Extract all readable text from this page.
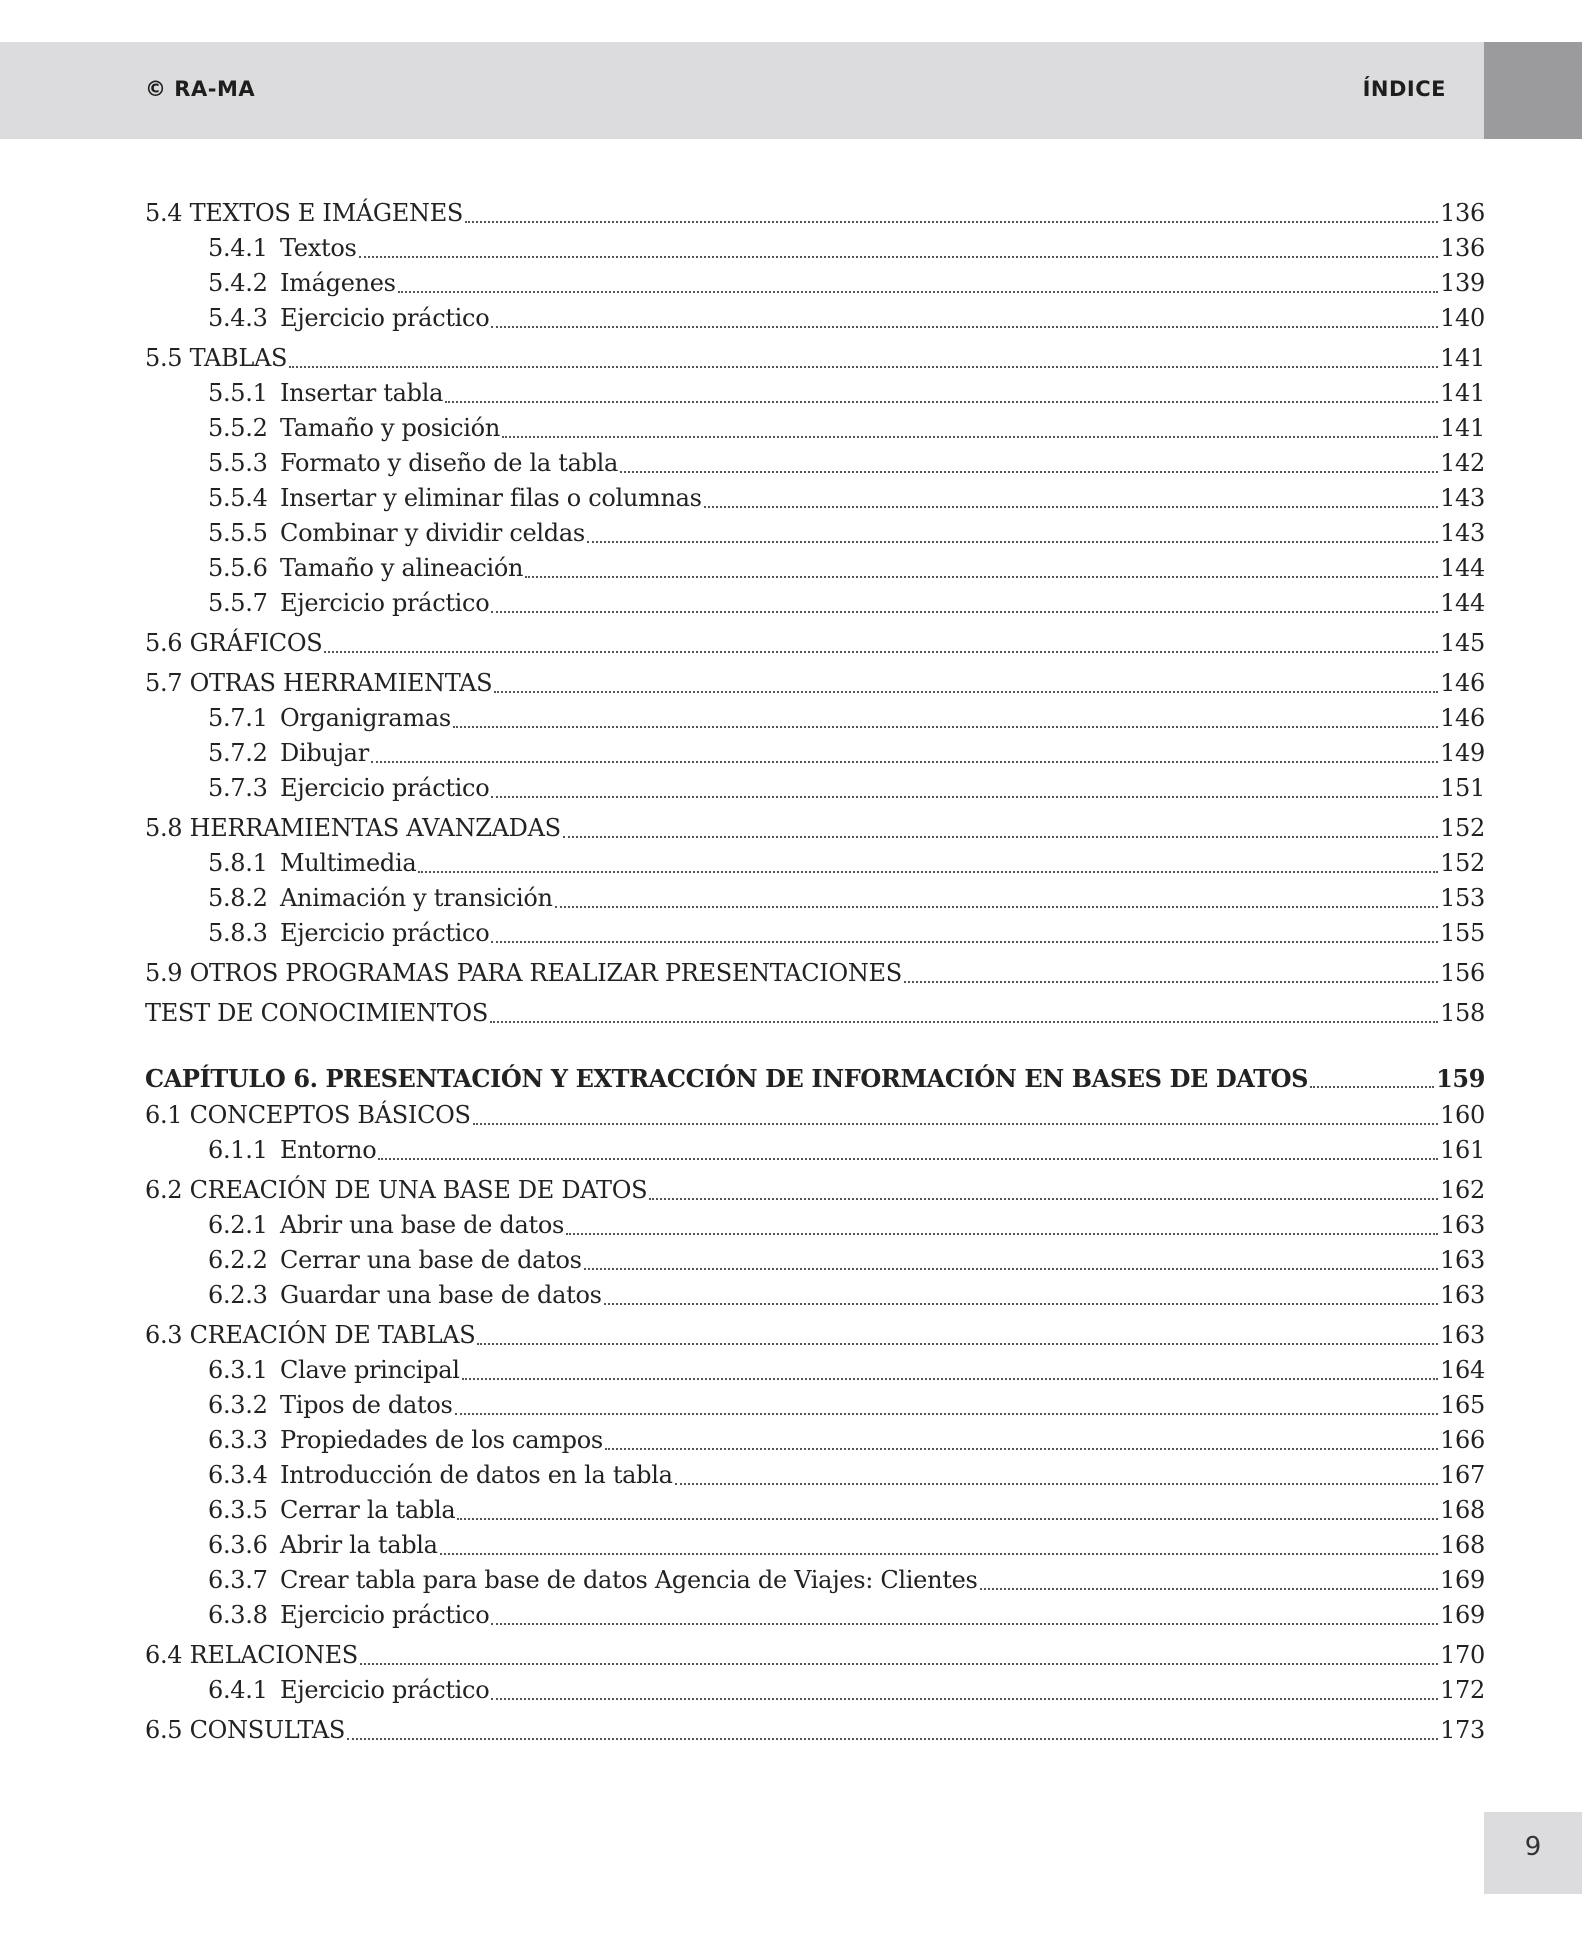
© RA-MA	ÍNDICE
5.4 TEXTOS E IMÁGENES	136
5.4.1 Textos	136
5.4.2 Imágenes	139
5.4.3 Ejercicio práctico	140
5.5 TABLAS	141
5.5.1 Insertar tabla	141
5.5.2 Tamaño y posición	141
5.5.3 Formato y diseño de la tabla	142
5.5.4 Insertar y eliminar filas o columnas	143
5.5.5 Combinar y dividir celdas	143
5.5.6 Tamaño y alineación	144
5.5.7 Ejercicio práctico	144
5.6 GRÁFICOS	145
5.7 OTRAS HERRAMIENTAS	146
5.7.1 Organigramas	146
5.7.2 Dibujar	149
5.7.3 Ejercicio práctico	151
5.8 HERRAMIENTAS AVANZADAS	152
5.8.1 Multimedia	152
5.8.2 Animación y transición	153
5.8.3 Ejercicio práctico	155
5.9 OTROS PROGRAMAS PARA REALIZAR PRESENTACIONES	156
TEST DE CONOCIMIENTOS	158
CAPÍTULO 6. PRESENTACIÓN Y EXTRACCIÓN DE INFORMACIÓN EN BASES DE DATOS	159
6.1 CONCEPTOS BÁSICOS	160
6.1.1 Entorno	161
6.2 CREACIÓN DE UNA BASE DE DATOS	162
6.2.1 Abrir una base de datos	163
6.2.2 Cerrar una base de datos	163
6.2.3 Guardar una base de datos	163
6.3 CREACIÓN DE TABLAS	163
6.3.1 Clave principal	164
6.3.2 Tipos de datos	165
6.3.3 Propiedades de los campos	166
6.3.4 Introducción de datos en la tabla	167
6.3.5 Cerrar la tabla	168
6.3.6 Abrir la tabla	168
6.3.7 Crear tabla para base de datos Agencia de Viajes: Clientes	169
6.3.8 Ejercicio práctico	169
6.4 RELACIONES	170
6.4.1 Ejercicio práctico	172
6.5 CONSULTAS	173
9
